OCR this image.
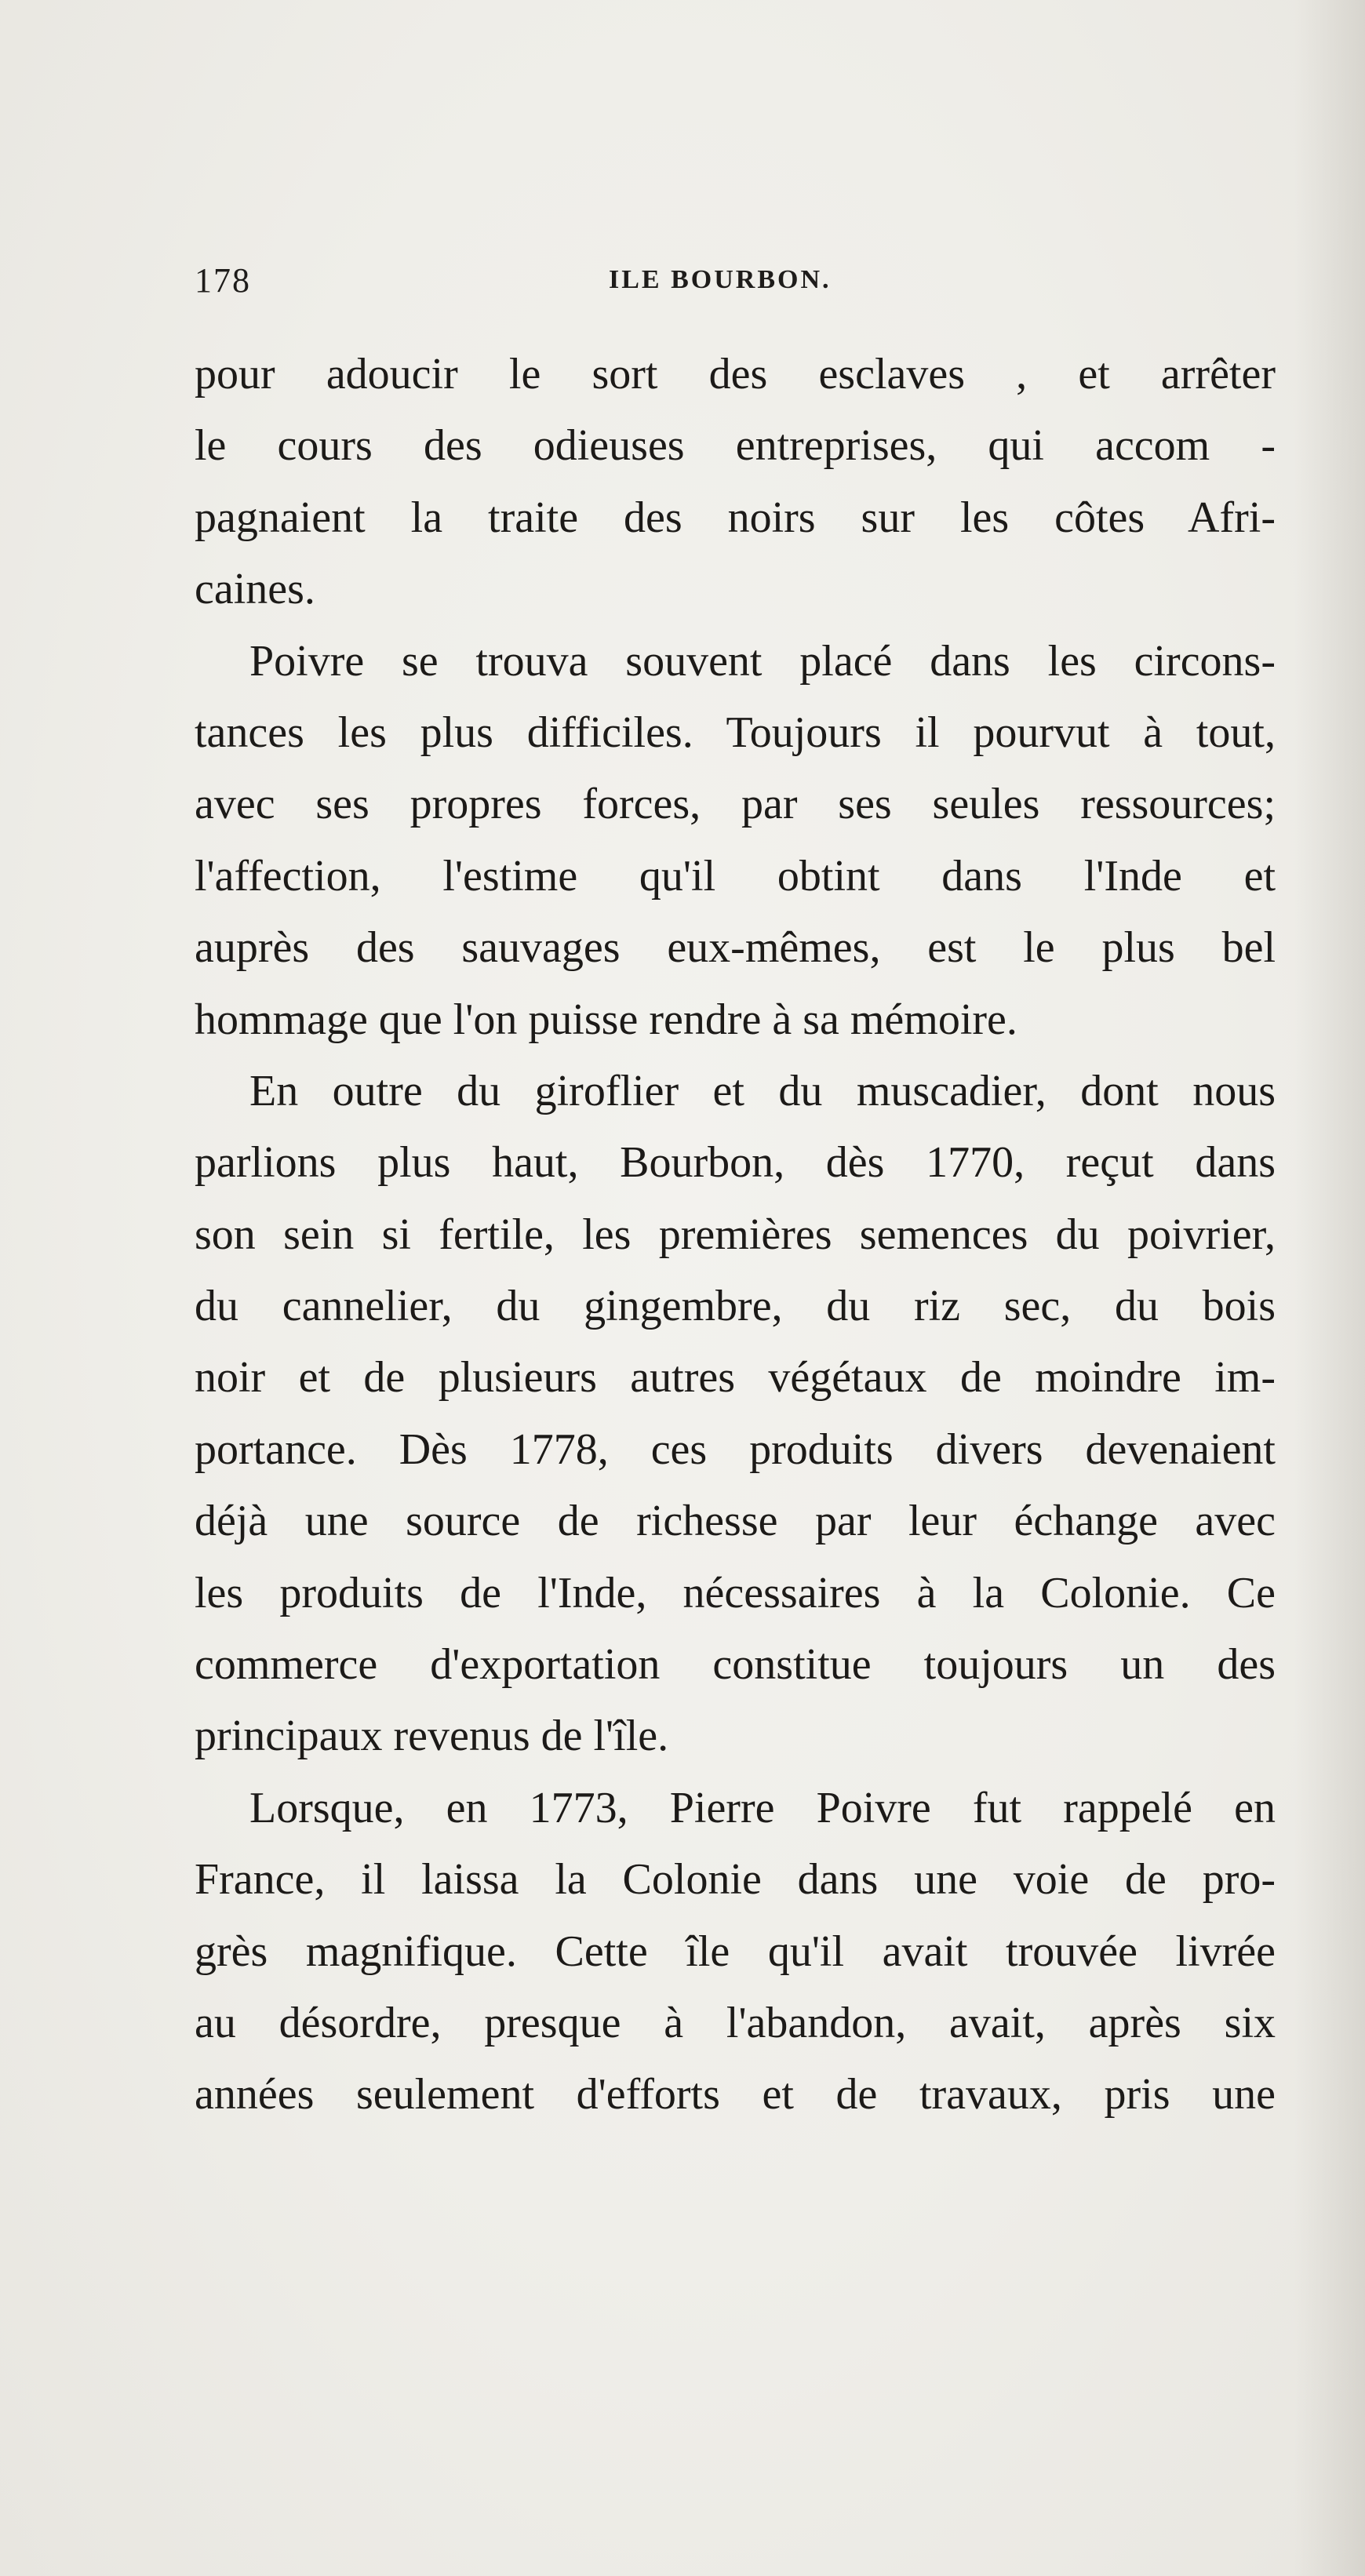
178	ILE BOURBON.
pour adoucir le sort des esclaves , et arrêter
le cours des odieuses entreprises, qui accom -
pagnaient la traite des noirs sur les côtes Afri-
caines.
Poivre se trouva souvent placé dans les circons-
tances les plus difficiles. Toujours il pourvut à tout,
avec ses propres forces, par ses seules ressources;
l'affection, l'estime qu'il obtint dans l'Inde et
auprès des sauvages eux-mêmes, est le plus bel
hommage que l'on puisse rendre à sa mémoire.
En outre du giroflier et du muscadier, dont nous
parlions plus haut, Bourbon, dès 1770, reçut dans
son sein si fertile, les premières semences du poivrier,
du cannelier, du gingembre, du riz sec, du bois
noir et de plusieurs autres végétaux de moindre im-
portance. Dès 1778, ces produits divers devenaient
déjà une source de richesse par leur échange avec
les produits de l'Inde, nécessaires à la Colonie. Ce
commerce d'exportation constitue toujours un des
principaux revenus de l'île.
Lorsque, en 1773, Pierre Poivre fut rappelé en
France, il laissa la Colonie dans une voie de pro-
grès magnifique. Cette île qu'il avait trouvée livrée
au désordre, presque à l'abandon, avait, après six
années seulement d'efforts et de travaux, pris une
